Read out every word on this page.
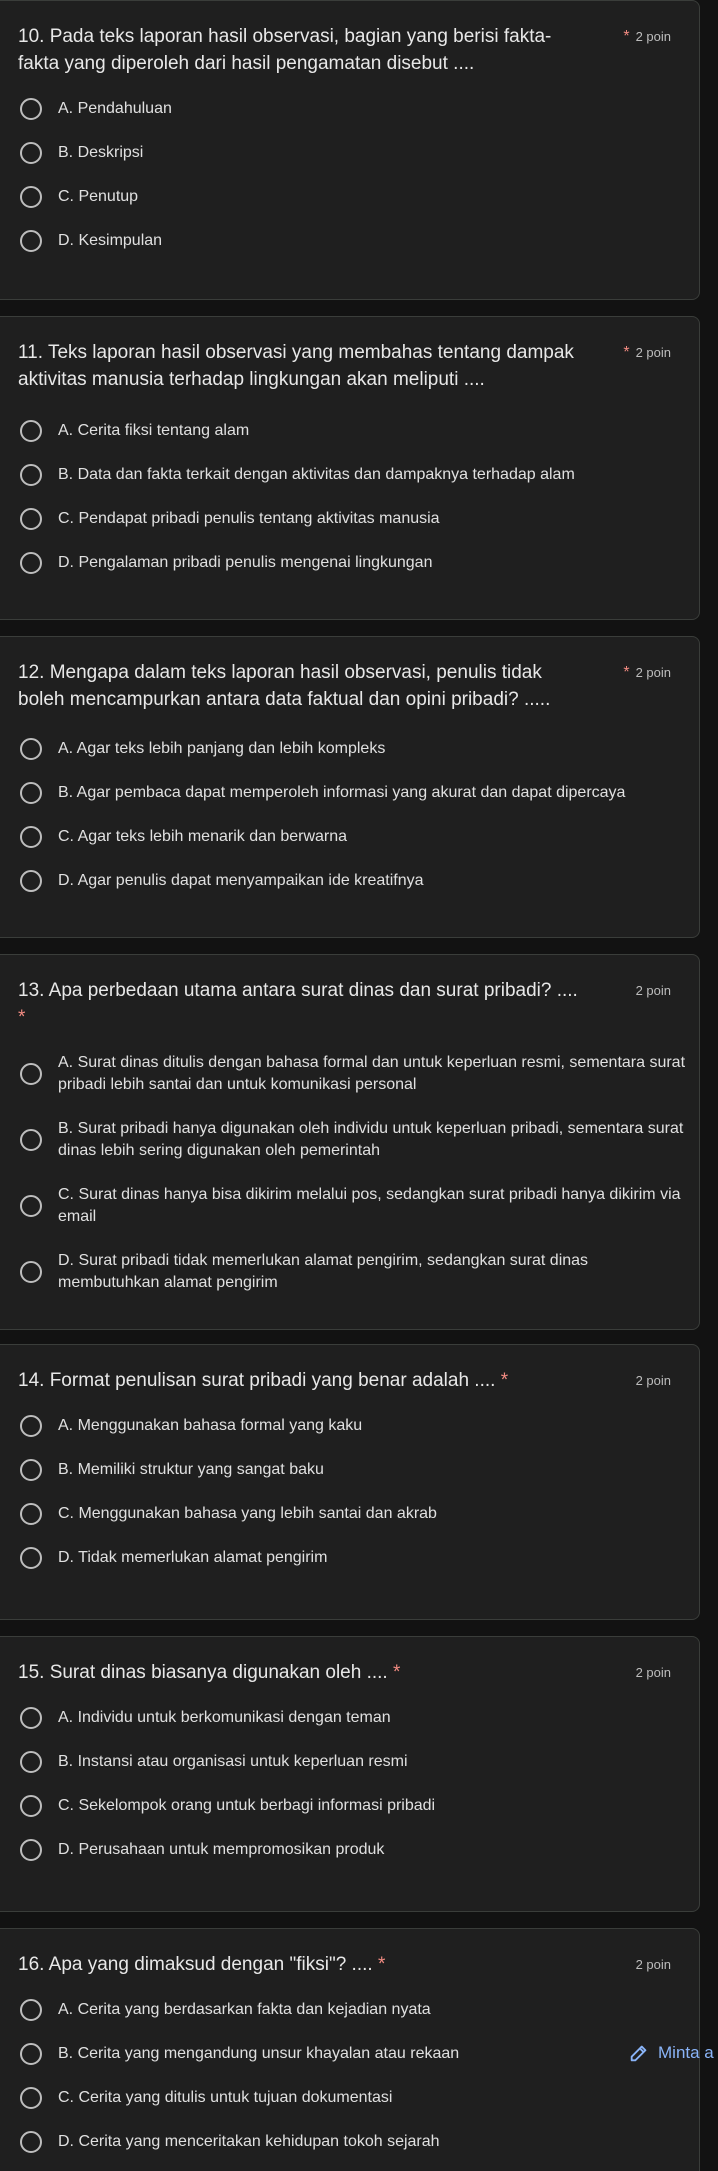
10. Pada teks laporan hasil observasi, bagian yang berisi fakta-fakta yang diperoleh dari hasil pengamatan disebut ....
* 2 poin
A. Pendahuluan
B. Deskripsi
C. Penutup
D. Kesimpulan
11. Teks laporan hasil observasi yang membahas tentang dampak aktivitas manusia terhadap lingkungan akan meliputi ....
* 2 poin
A. Cerita fiksi tentang alam
B. Data dan fakta terkait dengan aktivitas dan dampaknya terhadap alam
C. Pendapat pribadi penulis tentang aktivitas manusia
D. Pengalaman pribadi penulis mengenai lingkungan
12. Mengapa dalam teks laporan hasil observasi, penulis tidak boleh mencampurkan antara data faktual dan opini pribadi? .....
* 2 poin
A. Agar teks lebih panjang dan lebih kompleks
B. Agar pembaca dapat memperoleh informasi yang akurat dan dapat dipercaya
C. Agar teks lebih menarik dan berwarna
D. Agar penulis dapat menyampaikan ide kreatifnya
13. Apa perbedaan utama antara surat dinas dan surat pribadi? .... *
2 poin
A. Surat dinas ditulis dengan bahasa formal dan untuk keperluan resmi, sementara surat pribadi lebih santai dan untuk komunikasi personal
B. Surat pribadi hanya digunakan oleh individu untuk keperluan pribadi, sementara surat dinas lebih sering digunakan oleh pemerintah
C. Surat dinas hanya bisa dikirim melalui pos, sedangkan surat pribadi hanya dikirim via email
D. Surat pribadi tidak memerlukan alamat pengirim, sedangkan surat dinas membutuhkan alamat pengirim
14. Format penulisan surat pribadi yang benar adalah .... *	2 poin
A. Menggunakan bahasa formal yang kaku
B. Memiliki struktur yang sangat baku
C. Menggunakan bahasa yang lebih santai dan akrab
D. Tidak memerlukan alamat pengirim
15. Surat dinas biasanya digunakan oleh .... *	2 poin
A. Individu untuk berkomunikasi dengan teman
B. Instansi atau organisasi untuk keperluan resmi
C. Sekelompok orang untuk berbagi informasi pribadi
D. Perusahaan untuk mempromosikan produk
16. Apa yang dimaksud dengan "fiksi"? .... *	2 poin
A. Cerita yang berdasarkan fakta dan kejadian nyata
B. Cerita yang mengandung unsur khayalan atau rekaan
C. Cerita yang ditulis untuk tujuan dokumentasi
D. Cerita yang menceritakan kehidupan tokoh sejarah
Minta a
